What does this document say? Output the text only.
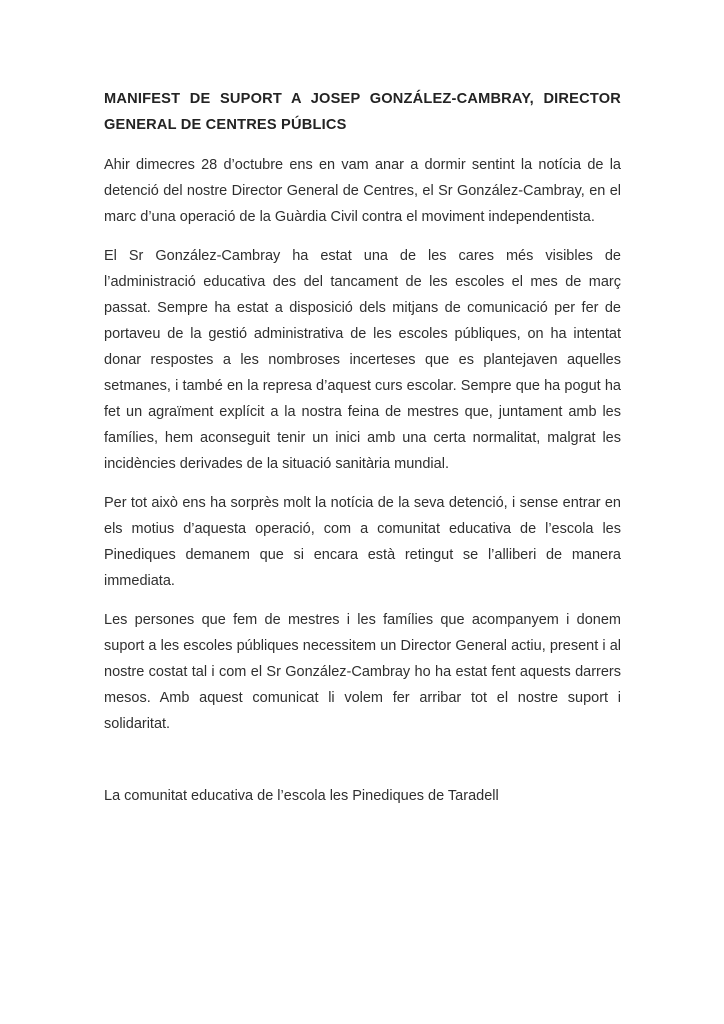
MANIFEST DE SUPORT A JOSEP GONZÁLEZ-CAMBRAY, DIRECTOR GENERAL DE CENTRES PÚBLICS

Ahir dimecres 28 d’octubre ens en vam anar a dormir sentint la notícia de la detenció del nostre Director General de Centres, el Sr González-Cambray, en el marc d’una operació de la Guàrdia Civil contra el moviment independentista.

El Sr González-Cambray ha estat una de les cares més visibles de l’administració educativa des del tancament de les escoles el mes de març passat. Sempre ha estat a disposició dels mitjans de comunicació per fer de portaveu de la gestió administrativa de les escoles públiques, on ha intentat donar respostes a les nombroses incerteses que es plantejaven aquelles setmanes, i també en la represa d’aquest curs escolar. Sempre que ha pogut ha fet un agraïment explícit a la nostra feina de mestres que, juntament amb les famílies, hem aconseguit tenir un inici amb una certa normalitat, malgrat les incidències derivades de la situació sanitària mundial.

Per tot això ens ha sorprès molt la notícia de la seva detenció, i sense entrar en els motius d’aquesta operació, com a comunitat educativa de l’escola les Pinediques demanem que si encara està retingut se l’alliberi de manera immediata.

Les persones que fem de mestres i les famílies que acompanyem i donem suport a les escoles públiques necessitem un Director General actiu, present i al nostre costat tal i com el Sr González-Cambray ho ha estat fent aquests darrers mesos. Amb aquest comunicat li volem fer arribar tot el nostre suport i solidaritat.

La comunitat educativa de l’escola les Pinediques de Taradell
